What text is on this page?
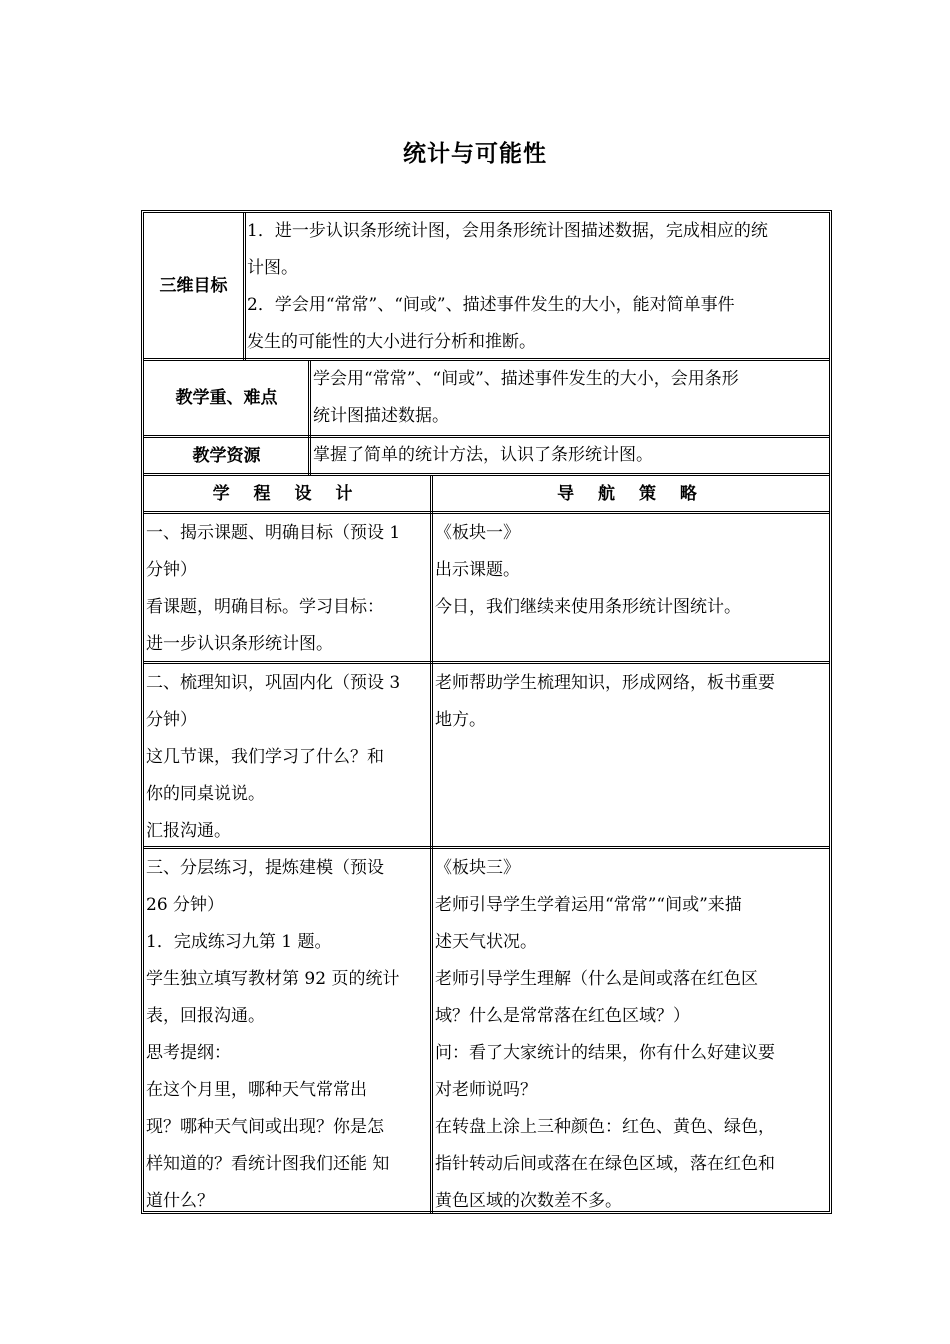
统计与可能性
三维目标
1．进一步认识条形统计图，会用条形统计图描述数据，完成相应的统
计图。
2．学会用“常常”、“间或”、描述事件发生的大小，能对简单事件
发生的可能性的大小进行分析和推断。
教学重、难点
学会用“常常”、“间或”、描述事件发生的大小，会用条形
统计图描述数据。
教学资源	掌握了简单的统计方法，认识了条形统计图。
学 程 设 计	导 航 策 略
一、揭示课题、明确目标（预设 1
分钟）
看课题，明确目标。学习目标：
进一步认识条形统计图。
《板块一》
出示课题。
今日，我们继续来使用条形统计图统计。
二、梳理知识，巩固内化（预设 3
分钟）
这几节课，我们学习了什么？和
你的同桌说说。
汇报沟通。
老师帮助学生梳理知识，形成网络，板书重要
地方。
三、分层练习，提炼建模（预设
26 分钟）
1．完成练习九第 1 题。
学生独立填写教材第 92 页的统计
表，回报沟通。
思考提纲：
在这个月里，哪种天气常常出
现？哪种天气间或出现？你是怎
样知道的？看统计图我们还能 知
道什么？
《板块三》
老师引导学生学着运用“常常”“间或”来描
述天气状况。
老师引导学生理解（什么是间或落在红色区
域？什么是常常落在红色区域？）
问：看了大家统计的结果，你有什么好建议要
对老师说吗？
在转盘上涂上三种颜色：红色、黄色、绿色，
指针转动后间或落在在绿色区域，落在红色和
黄色区域的次数差不多。
